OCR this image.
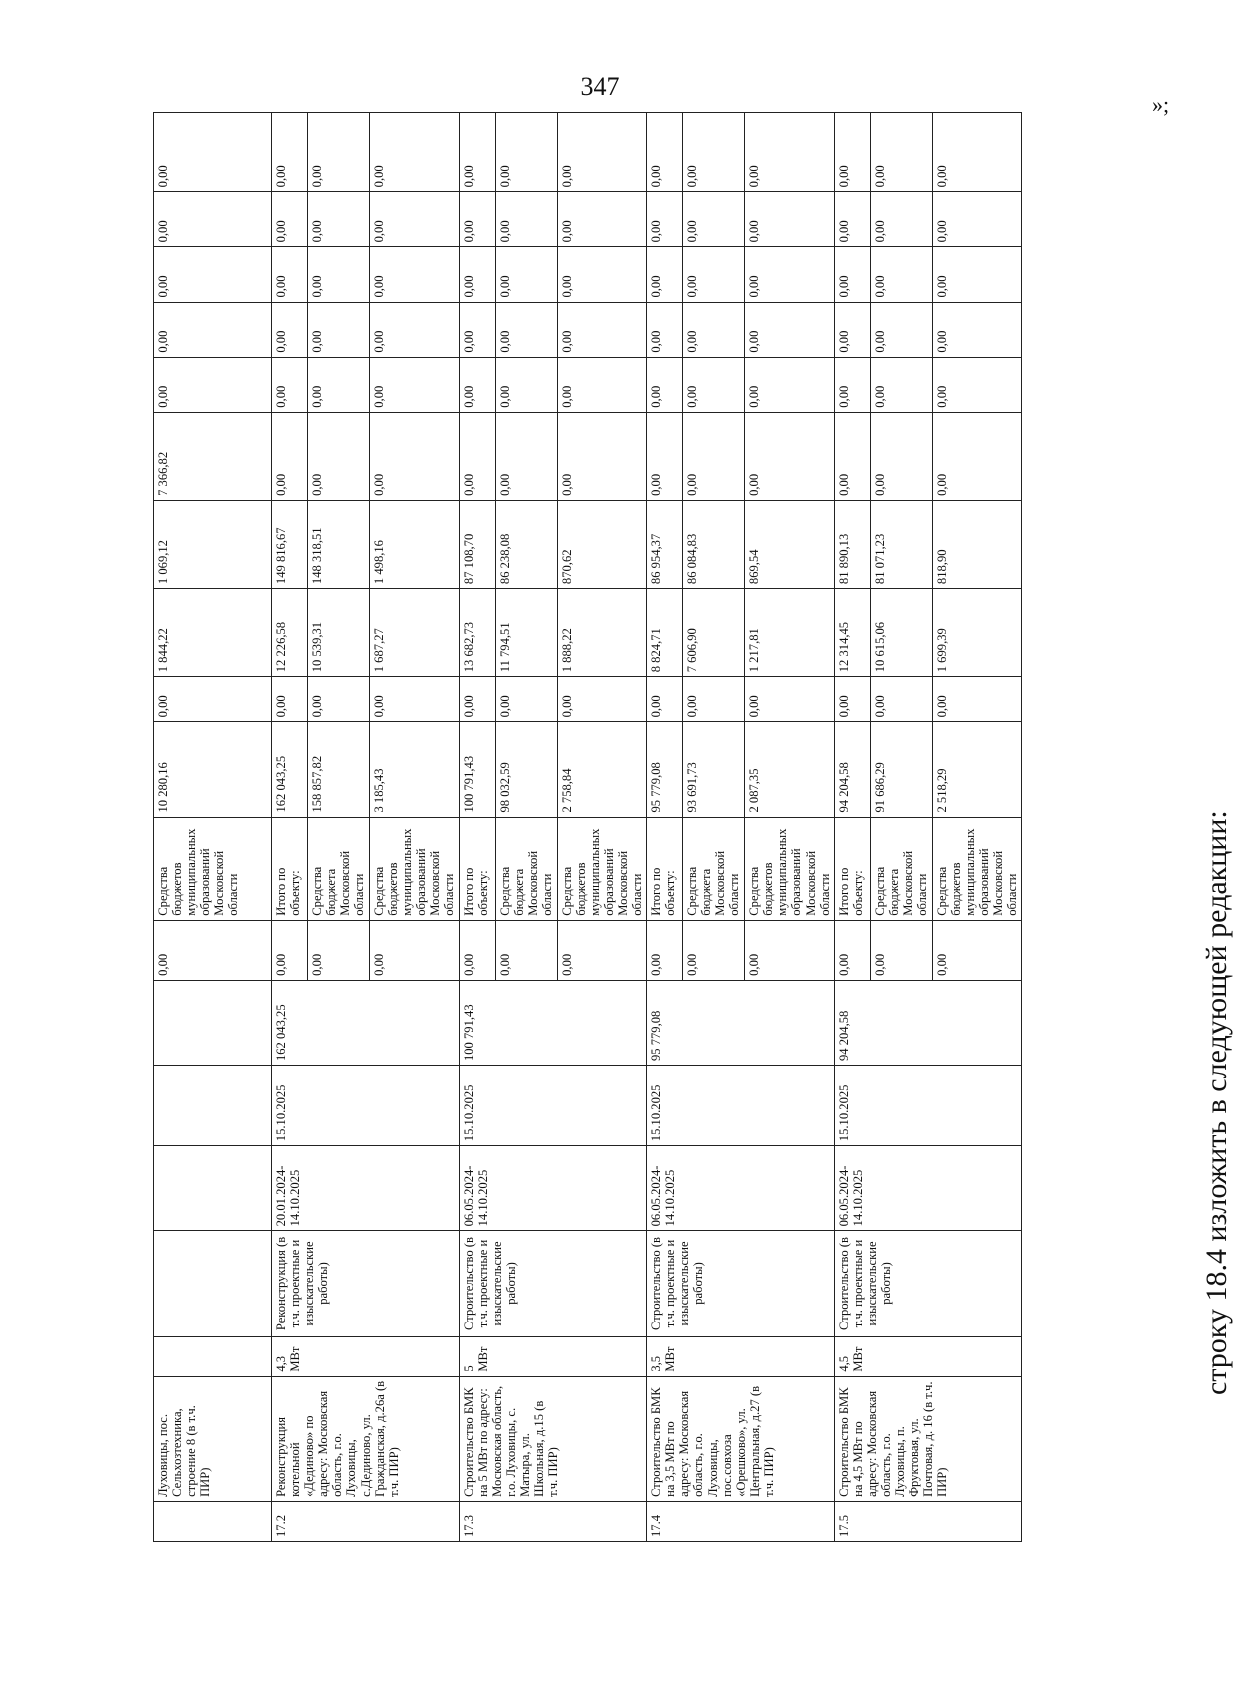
347
	Луховицы, пос. Сельхозтехника, строение 8 (в т.ч. ПИР)						0,00	Средства бюджетов муниципальных образований Московской области	10 280,16	0,00	1 844,22	1 069,12	7 366,82	0,00	0,00	0,00	0,00	0,00
17.2	Реконструкция котельной «Дединово» по адресу: Московская область, г.о. Луховицы, с.Дединово, ул. Гражданская, д.26а (в т.ч. ПИР)	4,3 МВт	Реконструкция (в т.ч. проектные и изыскательские работы)	20.01.2024-14.10.2025	15.10.2025	162 043,25	0,00	Итого по объекту:	162 043,25	0,00	12 226,58	149 816,67	0,00	0,00	0,00	0,00	0,00	0,00
							0,00	Средства бюджета Московской области	158 857,82	0,00	10 539,31	148 318,51	0,00	0,00	0,00	0,00	0,00	0,00
							0,00	Средства бюджетов муниципальных образований Московской области	3 185,43	0,00	1 687,27	1 498,16	0,00	0,00	0,00	0,00	0,00	0,00
17.3	Строительство БМК на 5 МВт по адресу: Московская область, г.о. Луховицы, с. Матыра, ул. Школьная, д.15 (в т.ч. ПИР)	5 МВт	Строительство (в т.ч. проектные и изыскательские работы)	06.05.2024-14.10.2025	15.10.2025	100 791,43	0,00	Итого по объекту:	100 791,43	0,00	13 682,73	87 108,70	0,00	0,00	0,00	0,00	0,00	0,00
							0,00	Средства бюджета Московской области	98 032,59	0,00	11 794,51	86 238,08	0,00	0,00	0,00	0,00	0,00	0,00
							0,00	Средства бюджетов муниципальных образований Московской области	2 758,84	0,00	1 888,22	870,62	0,00	0,00	0,00	0,00	0,00	0,00
17.4	Строительство БМК на 3,5 МВт по адресу: Московская область, г.о. Луховицы, пос.совхоза «Орешково», ул. Центральная, д.27 (в т.ч. ПИР)	3,5 МВт	Строительство (в т.ч. проектные и изыскательские работы)	06.05.2024-14.10.2025	15.10.2025	95 779,08	0,00	Итого по объекту:	95 779,08	0,00	8 824,71	86 954,37	0,00	0,00	0,00	0,00	0,00	0,00
							0,00	Средства бюджета Московской области	93 691,73	0,00	7 606,90	86 084,83	0,00	0,00	0,00	0,00	0,00	0,00
							0,00	Средства бюджетов муниципальных образований Московской области	2 087,35	0,00	1 217,81	869,54	0,00	0,00	0,00	0,00	0,00	0,00
17.5	Строительство БМК на 4,5 МВт по адресу: Московская область, г.о. Луховицы, п. Фруктовая, ул. Почтовая, д. 16 (в т.ч. ПИР)	4,5 МВт	Строительство (в т.ч. проектные и изыскательские работы)	06.05.2024-14.10.2025	15.10.2025	94 204,58	0,00	Итого по объекту:	94 204,58	0,00	12 314,45	81 890,13	0,00	0,00	0,00	0,00	0,00	0,00
							0,00	Средства бюджета Московской области	91 686,29	0,00	10 615,06	81 071,23	0,00	0,00	0,00	0,00	0,00	0,00
							0,00	Средства бюджетов муниципальных образований Московской области	2 518,29	0,00	1 699,39	818,90	0,00	0,00	0,00	0,00	0,00	0,00
строку 18.4 изложить в следующей редакции:
»;
